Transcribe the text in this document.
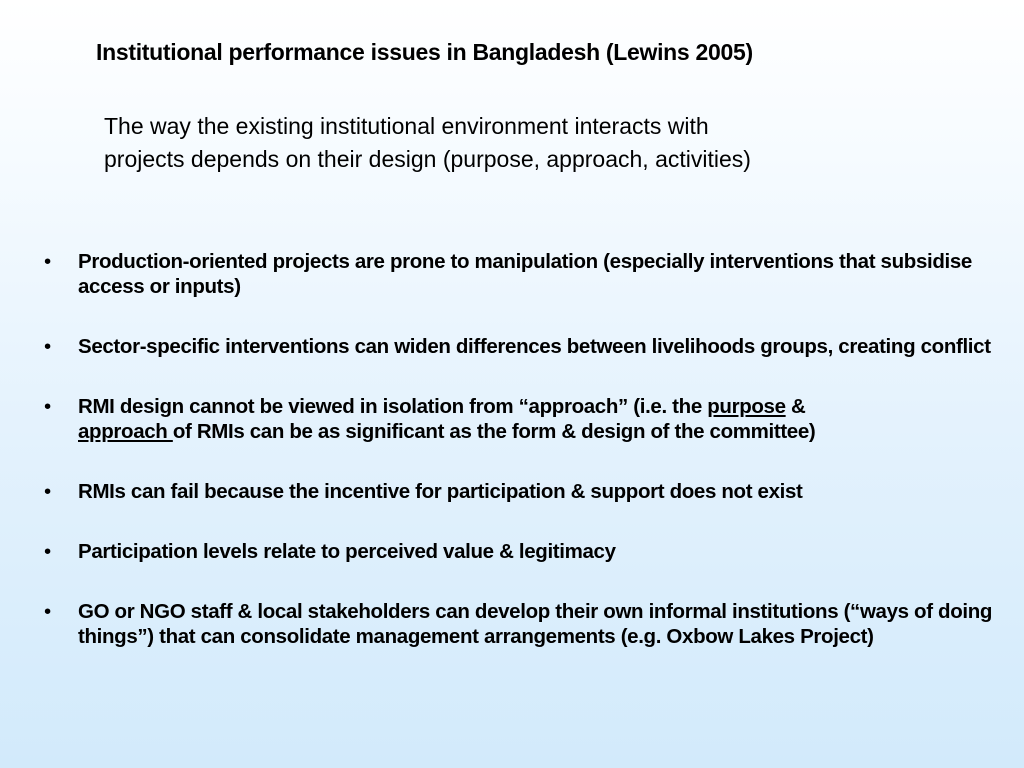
Institutional performance issues in Bangladesh (Lewins 2005)
The way the existing institutional environment interacts with
projects depends on their design (purpose, approach, activities)
• Production-oriented projects are prone to manipulation (especially interventions that subsidise access or inputs)
• Sector-specific interventions can widen differences between livelihoods groups, creating conflict
• RMI design cannot be viewed in isolation from “approach” (i.e. the purpose &
approach of RMIs can be as significant as the form & design of the committee)
• RMIs can fail because the incentive for participation & support does not exist
• Participation levels relate to perceived value & legitimacy
• GO or NGO staff & local stakeholders can develop their own informal institutions (“ways of doing things”) that can consolidate management arrangements (e.g. Oxbow Lakes Project)
